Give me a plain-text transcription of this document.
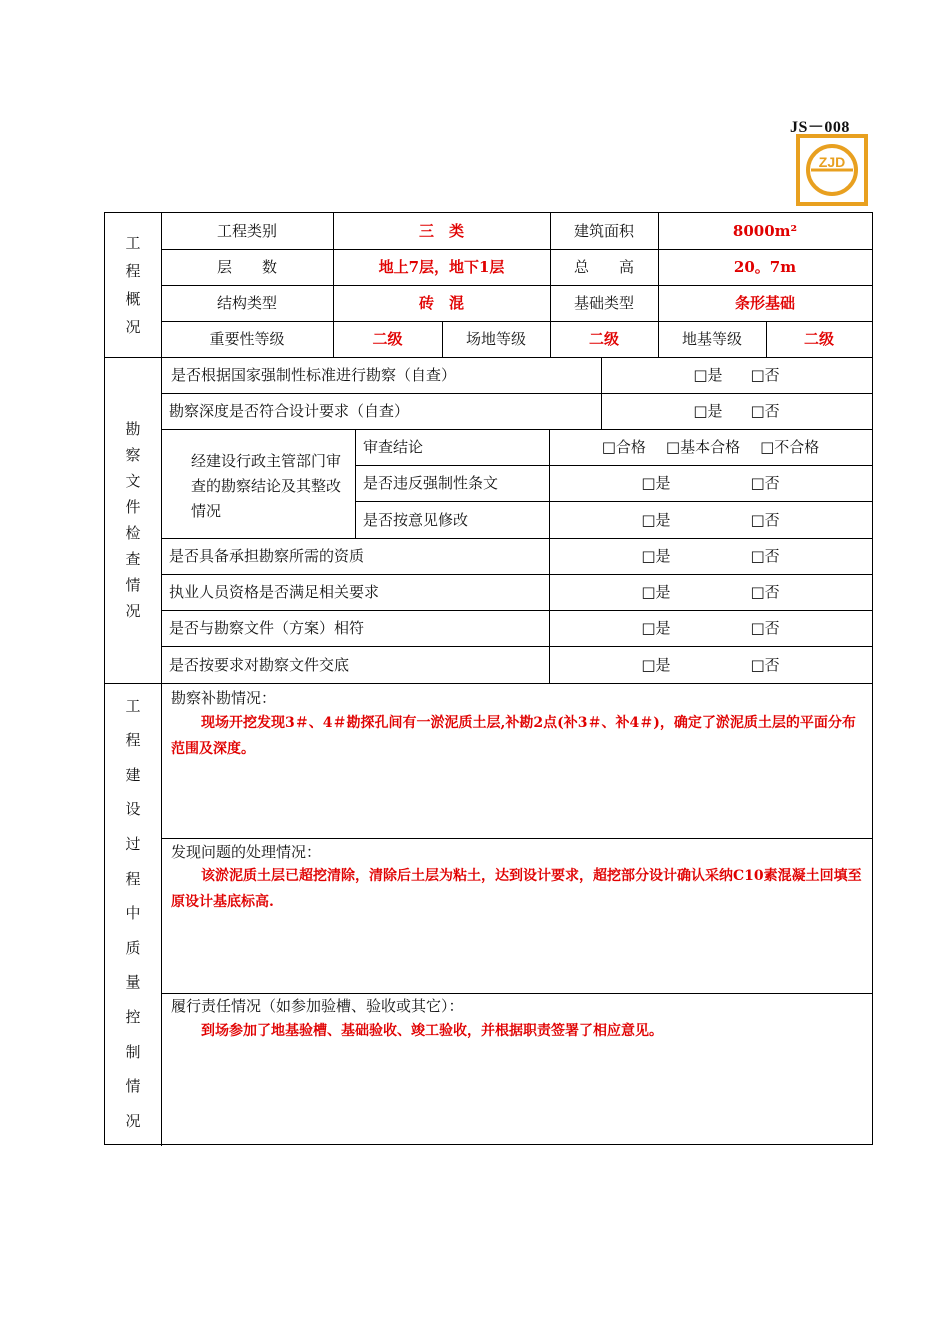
JS－008
ZJD
工程概况
工程类别	三　类	建筑面积	8000m²
层　　数	地上7层，地下1层	总　　高	20。7m
结构类型	砖　混	基础类型	条形基础
重要性等级	二级	场地等级	二级	地基等级	二级
勘察文件检查情况
是否根据国家强制性标准进行勘察（自查）	□是 □否
勘察深度是否符合设计要求（自查）	□是 □否
经建设行政主管部门审查的勘察结论及其整改情况
审查结论	□合格 □基本合格 □不合格
是否违反强制性条文	□是	□否
是否按意见修改	□是	□否
是否具备承担勘察所需的资质	□是	□否
执业人员资格是否满足相关要求	□是	□否
是否与勘察文件（方案）相符	□是	□否
是否按要求对勘察文件交底	□是	□否
工程建设过程中质量控制情况
勘察补勘情况：
现场开挖发现3＃、4＃勘探孔间有一淤泥质土层,补勘2点(补3＃、补4＃)，确定了淤泥质土层的平面分布范围及深度。
发现问题的处理情况：
该淤泥质土层已超挖清除，清除后土层为粘土，达到设计要求，超挖部分设计确认采纳C10素混凝土回填至原设计基底标高.
履行责任情况（如参加验槽、验收或其它）：
到场参加了地基验槽、基础验收、竣工验收，并根据职责签署了相应意见。
